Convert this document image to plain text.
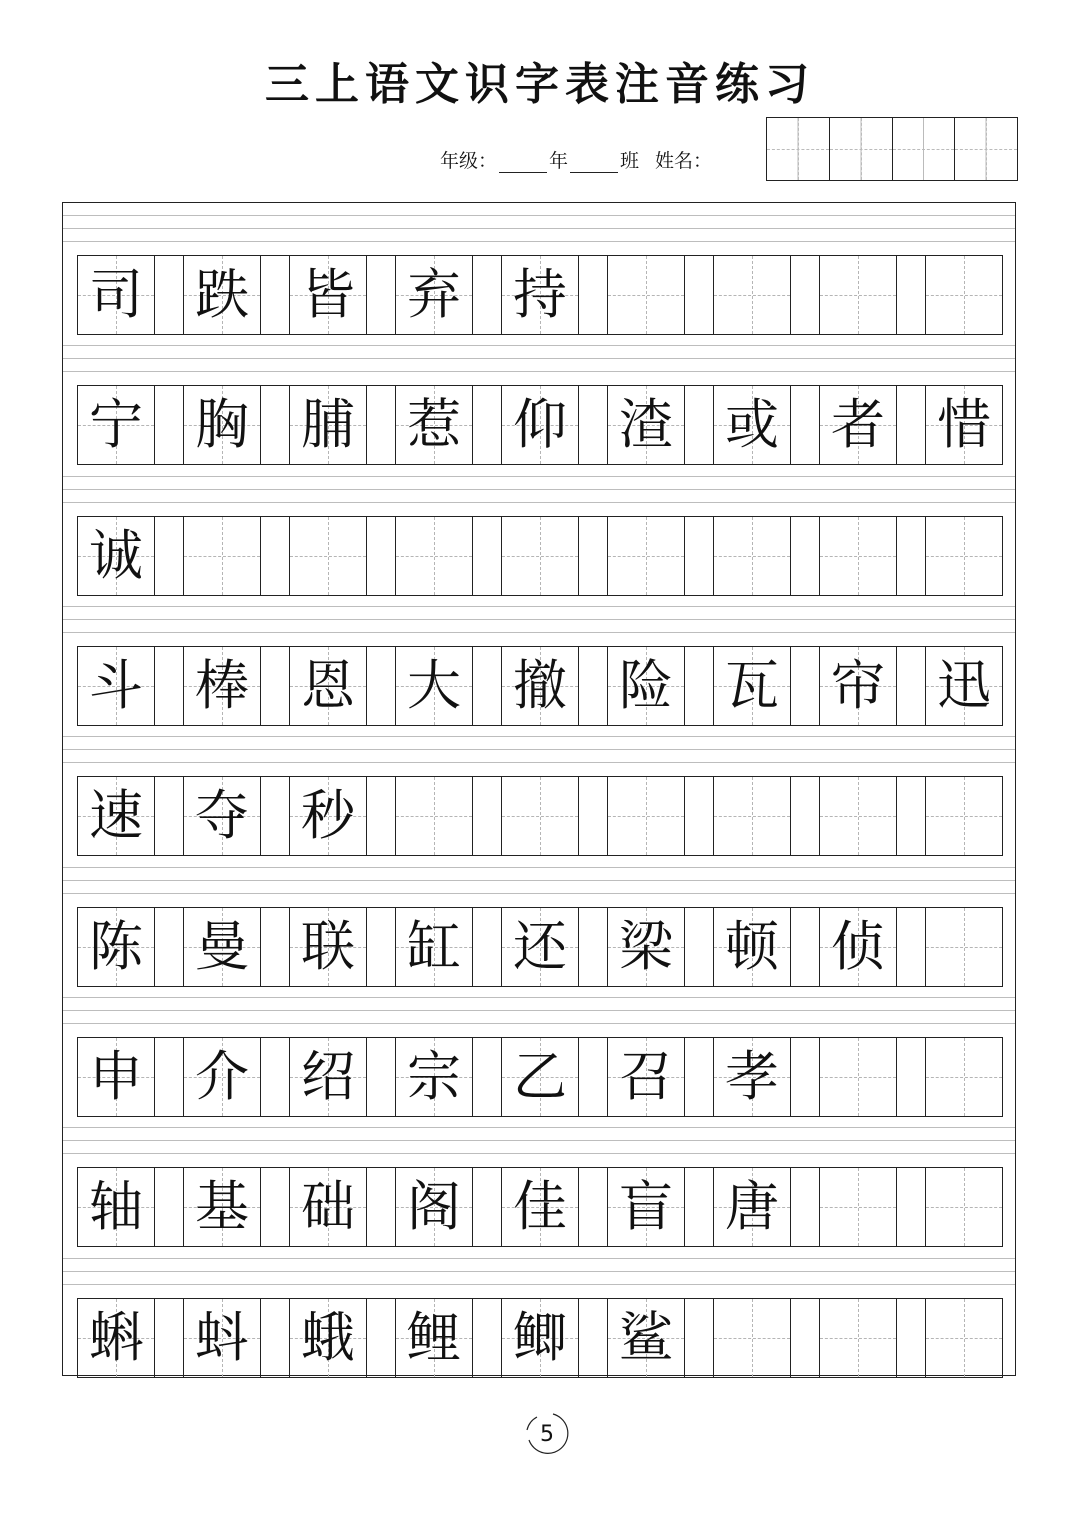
三上语文识字表注音练习
年级：	年	班 姓名：
司 跌 皆 弃 持
宁 胸 脯 惹 仰 渣 或 者 惜
诚
斗 棒 恩 大 撤 险 瓦 帘 迅
速 夺 秒
陈 曼 联 缸 还 梁 顿 侦
申 介 绍 宗 乙 召 孝
轴 基 础 阁 佳 盲 唐
蝌 蚪 蛾 鲤 鲫 鲨
5
